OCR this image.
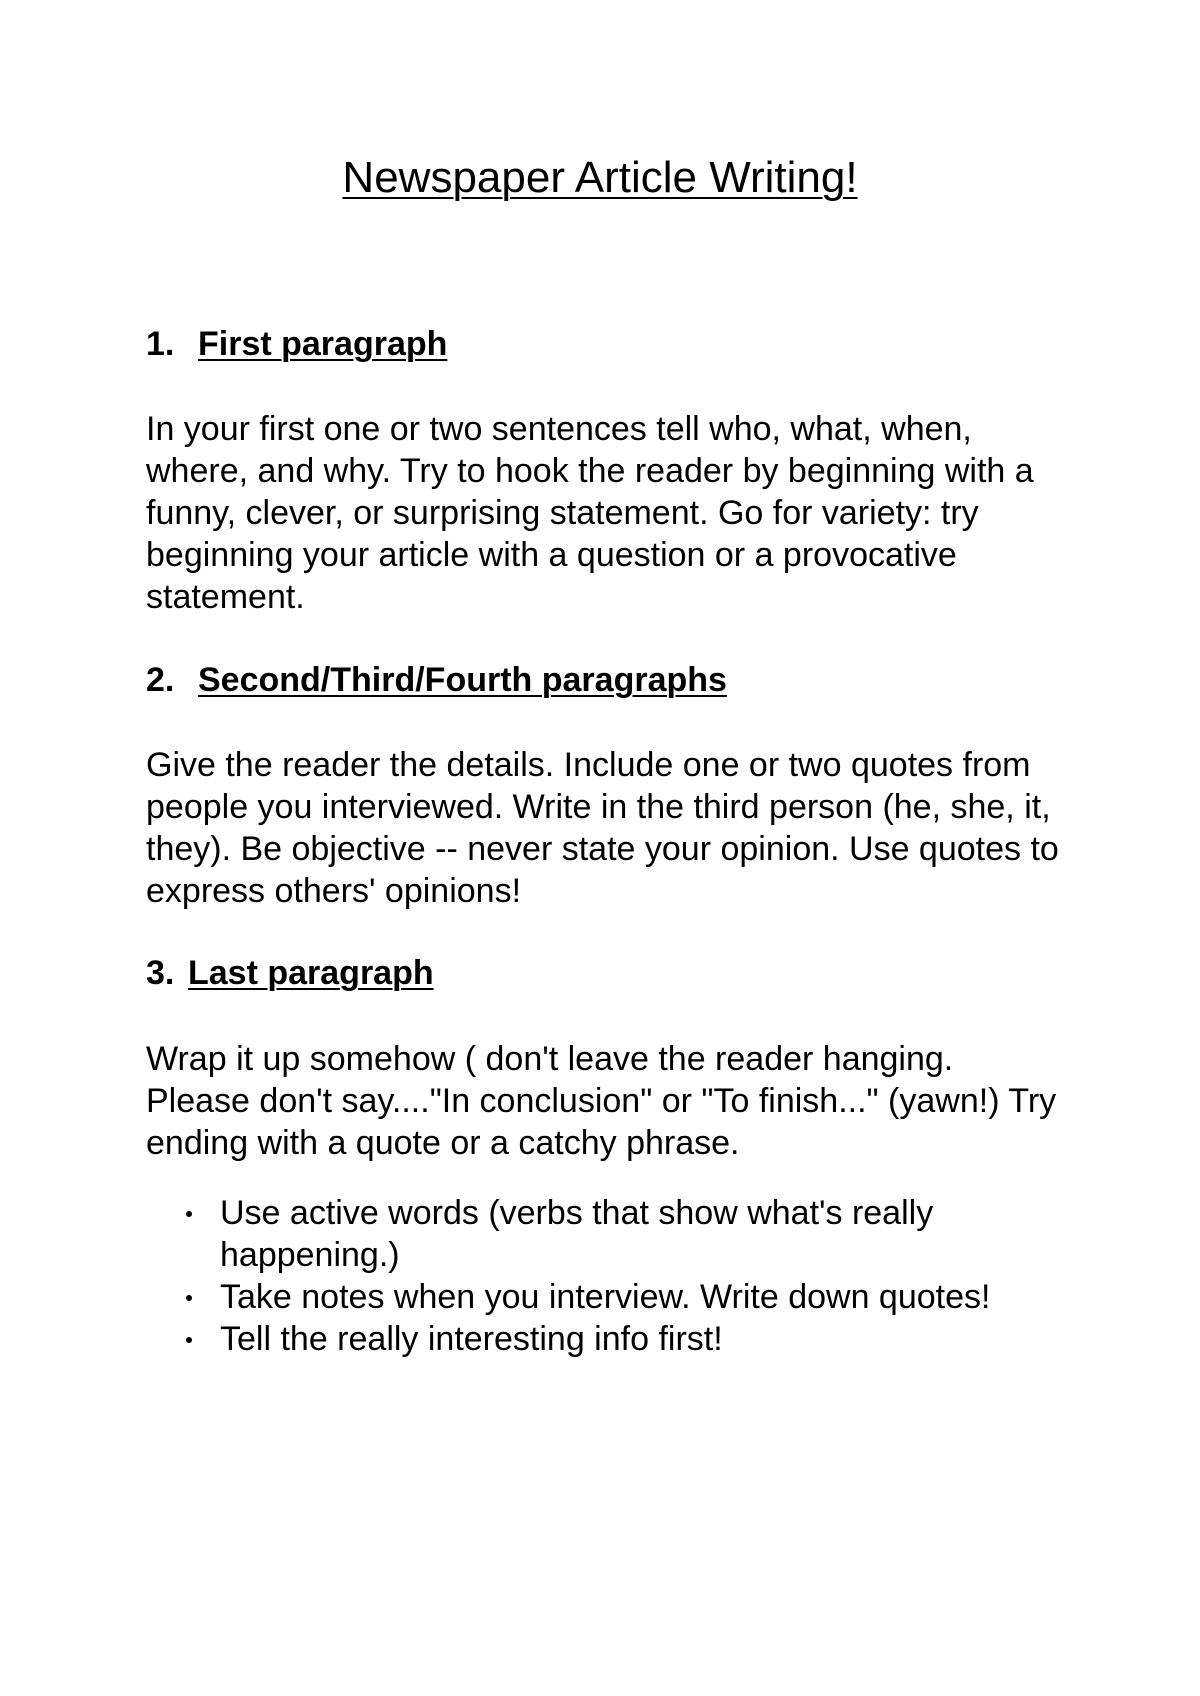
Newspaper Article Writing!
1. First paragraph

In your first one or two sentences tell who, what, when, where, and why. Try to hook the reader by beginning with a funny, clever, or surprising statement. Go for variety: try beginning your article with a question or a provocative statement.

2. Second/Third/Fourth paragraphs

Give the reader the details. Include one or two quotes from people you interviewed. Write in the third person (he, she, it, they). Be objective -- never state your opinion. Use quotes to express others' opinions!

3. Last paragraph

Wrap it up somehow ( don't leave the reader hanging. Please don't say...."In conclusion" or "To finish..." (yawn!) Try ending with a quote or a catchy phrase.

Use active words (verbs that show what's really happening.)
Take notes when you interview. Write down quotes!
Tell the really interesting info first!
